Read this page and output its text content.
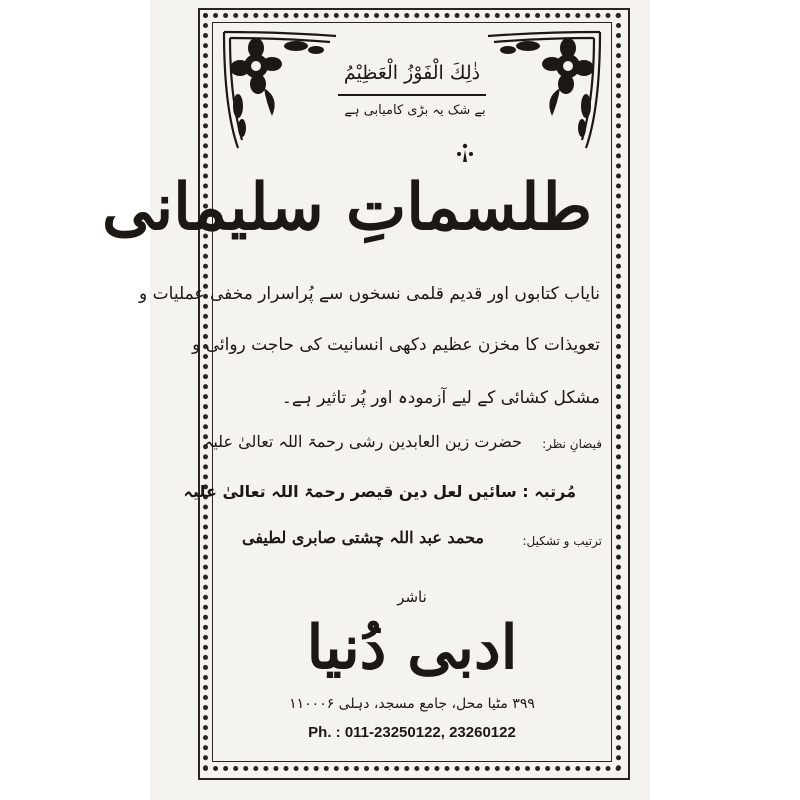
ذٰلِكَ الْفَوْزُ الْعَظِيْمُ
بے شک یہ بڑی کامیابی ہے
طلسماتِ سلیمانی
نایاب کتابوں اور قدیم قلمی نسخوں سے پُراسرار مخفی عملیات و
تعویذات کا مخزن عظیم دکھی انسانیت کی حاجت روائی و
مشکل کشائی کے لیے آزمودہ اور پُر تاثیر ہے۔
فیضانِ نظر:
حضرت زین العابدین رشی رحمۃ اللہ تعالیٰ علیہ
مُرتبہ : سائیں لعل دین قیصر رحمۃ اللہ تعالیٰ علیہ
ترتیب و تشکیل:
محمد عبد اللہ چشتی صابری لطیفی
ناشر
ادبی دُنیا
۳۹۹ مٹیا محل، جامع مسجد، دہلی ۱۱۰۰۰۶
Ph. : 011-23250122, 23260122
